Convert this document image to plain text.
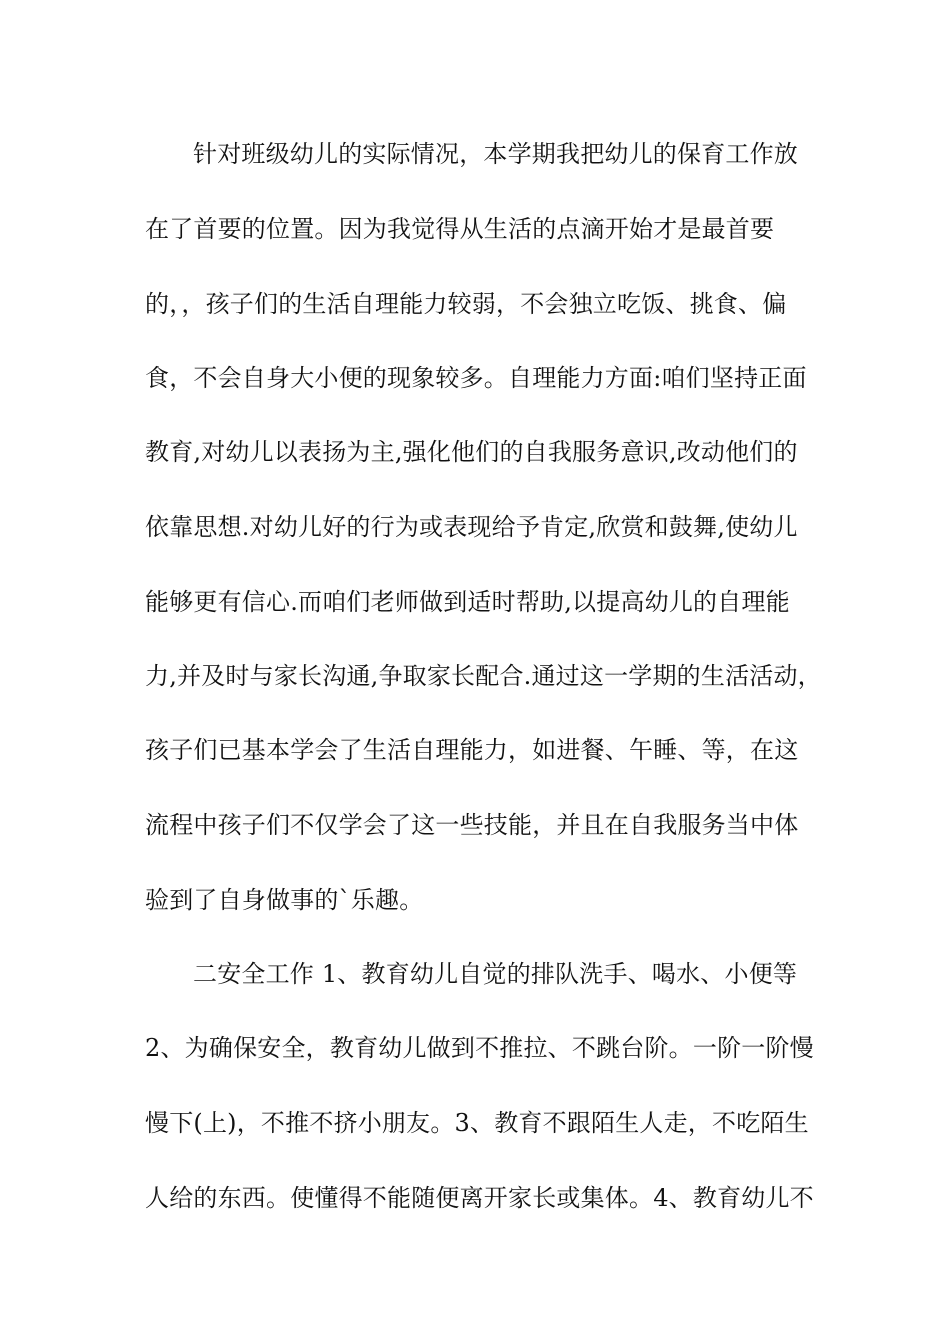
针对班级幼儿的实际情况，本学期我把幼儿的保育工作放
在了首要的位置。因为我觉得从生活的点滴开始才是最首要
的，，孩子们的生活自理能力较弱，不会独立吃饭、挑食、偏
食，不会自身大小便的现象较多。自理能力方面:咱们坚持正面
教育,对幼儿以表扬为主,强化他们的自我服务意识,改动他们的
依靠思想.对幼儿好的行为或表现给予肯定,欣赏和鼓舞,使幼儿
能够更有信心.而咱们老师做到适时帮助,以提高幼儿的自理能
力,并及时与家长沟通,争取家长配合.通过这一学期的生活活动，
孩子们已基本学会了生活自理能力，如进餐、午睡、等，在这
流程中孩子们不仅学会了这一些技能，并且在自我服务当中体
验到了自身做事的`乐趣。
二安全工作 1、教育幼儿自觉的排队洗手、喝水、小便等
2、为确保安全，教育幼儿做到不推拉、不跳台阶。一阶一阶慢
慢下(上)，不推不挤小朋友。3、教育不跟陌生人走，不吃陌生
人给的东西。使懂得不能随便离开家长或集体。4、教育幼儿不
